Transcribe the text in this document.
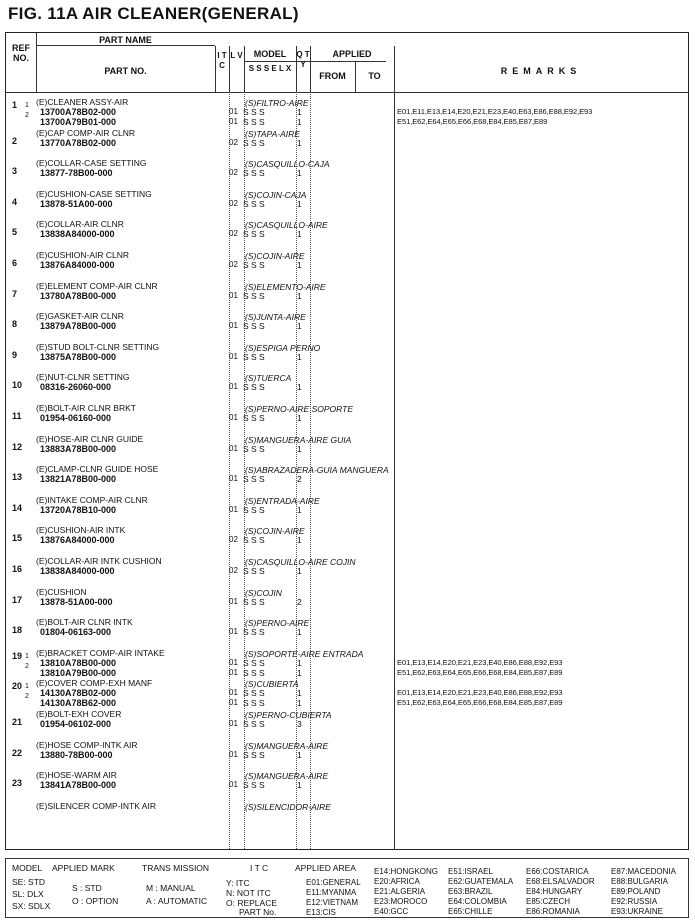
FIG. 11A AIR CLEANER(GENERAL)
REF NO.
PART NAME
PART NO.
I T C
L V	MODEL
S S S E L X
Q T Y
APPLIED
FROM	TO	REMARKS
1 (E)CLEANER ASSY-AIR	(S)FILTRO-AIRE
1
13700A78B02-000	01 S S S	1	E01,E11,E13,E14,E20,E21,E23,E40,E63,E86,E88,E92,E93
2
13700A79B01-000	01 S S S	1	E51,E62,E64,E65,E66,E68,E84,E85,E87,E89
2
(E)CAP COMP-AIR CLNR	(S)TAPA-AIRE
13770A78B02-000	02 S S S	1
3
(E)COLLAR-CASE SETTING	(S)CASQUILLO-CAJA
13877-78B00-000	02 S S S	1
4
(E)CUSHION-CASE SETTING	(S)COJIN-CAJA
13878-51A00-000	02 S S S	1
5
(E)COLLAR-AIR CLNR	(S)CASQUILLO-AIRE
13838A84000-000	02 S S S	1
6
(E)CUSHION-AIR CLNR	(S)COJIN-AIRE
13876A84000-000	02 S S S	1
7
(E)ELEMENT COMP-AIR CLNR	(S)ELEMENTO-AIRE
13780A78B00-000	01 S S S	1
8
(E)GASKET-AIR CLNR	(S)JUNTA-AIRE
13879A78B00-000	01 S S S	1
9
(E)STUD BOLT-CLNR SETTING	(S)ESPIGA PERNO
13875A78B00-000	01 S S S	1
10
(E)NUT-CLNR SETTING	(S)TUERCA
08316-26060-000	01 S S S	1
11
(E)BOLT-AIR CLNR BRKT	(S)PERNO-AIRE SOPORTE
01954-06160-000	01 S S S	1
12
(E)HOSE-AIR CLNR GUIDE	(S)MANGUERA-AIRE GUIA
13883A78B00-000	01 S S S	1
13
(E)CLAMP-CLNR GUIDE HOSE	(S)ABRAZADERA-GUIA MANGUERA
13821A78B00-000	01 S S S	2
14
(E)INTAKE COMP-AIR CLNR	(S)ENTRADA-AIRE
13720A78B10-000	01 S S S	1
15
(E)CUSHION-AIR INTK	(S)COJIN-AIRE
13876A84000-000	02 S S S	1
16
(E)COLLAR-AIR INTK CUSHION	(S)CASQUILLO-AIRE COJIN
13838A84000-000	02 S S S	1
17
(E)CUSHION	(S)COJIN
13878-51A00-000	01 S S S	2
18
(E)BOLT-AIR CLNR INTK	(S)PERNO-AIRE
01804-06163-000	01 S S S	1
19 (E)BRACKET COMP-AIR INTAKE	(S)SOPORTE-AIRE ENTRADA
1
13810A78B00-000	01 S S S	1	E01,E13,E14,E20,E21,E23,E40,E86,E88,E92,E93
2
13810A79B00-000	01 S S S	1	E51,E62,E63,E64,E65,E66,E68,E84,E85,E87,E89
20 (E)COVER COMP-EXH MANF	(S)CUBIERTA
1
14130A78B02-000	01 S S S	1	E01,E13,E14,E20,E21,E23,E40,E86,E88,E92,E93
2
14130A78B62-000	01 S S S	1	E51,E62,E63,E64,E65,E66,E68,E84,E85,E87,E89
21
(E)BOLT-EXH COVER	(S)PERNO-CUBIERTA
01954-06102-000	01 S S S	3
22
(E)HOSE COMP-INTK AIR	(S)MANGUERA-AIRE
13880-78B00-000	01 S S S	1
23
(E)HOSE-WARM AIR	(S)MANGUERA-AIRE
13841A78B00-000	01 S S S	1
(E)SILENCER COMP-INTK AIR	(S)SILENCIDOR-AIRE
MODEL APPLIED MARK	TRANS MISSION	I T C	APPLIED AREA
SE: STD
SL: DLX
SX: SDLX
S : STD
O : OPTION
M : MANUAL
A : AUTOMATIC
Y: ITC
N: NOT ITC
O: REPLACE
PART No.
E01:GENERAL
E11:MYANMA
E12:VIETNAM
E13:CIS
E14:HONGKONG
E20:AFRICA
E21:ALGERIA
E23:MOROCO
E40:GCC
E51:ISRAEL
E62:GUATEMALA
E63:BRAZIL
E64:COLOMBIA
E65:CHILLE
E66:COSTARICA
E68:ELSALVADOR
E84:HUNGARY
E85:CZECH
E86:ROMANIA
E87:MACEDONIA
E88:BULGARIA
E89:POLAND
E92:RUSSIA
E93:UKRAINE
